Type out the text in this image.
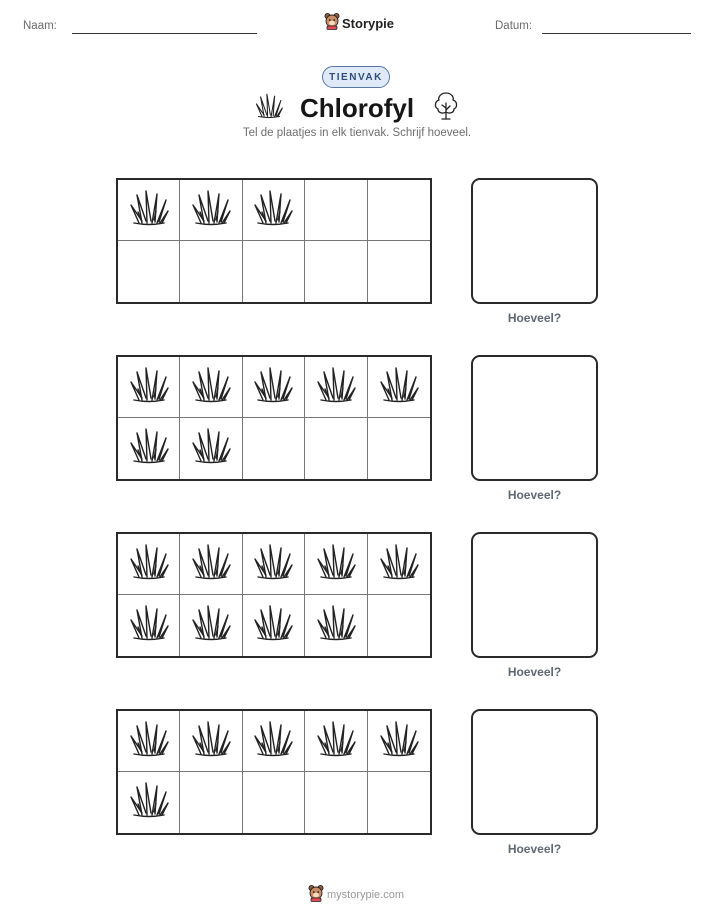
Naam:	Storypie	Datum:
TIENVAK
Chlorofyl
Tel de plaatjes in elk tienvak. Schrijf hoeveel.
Hoeveel?
Hoeveel?
Hoeveel?
Hoeveel?
mystorypie.com
